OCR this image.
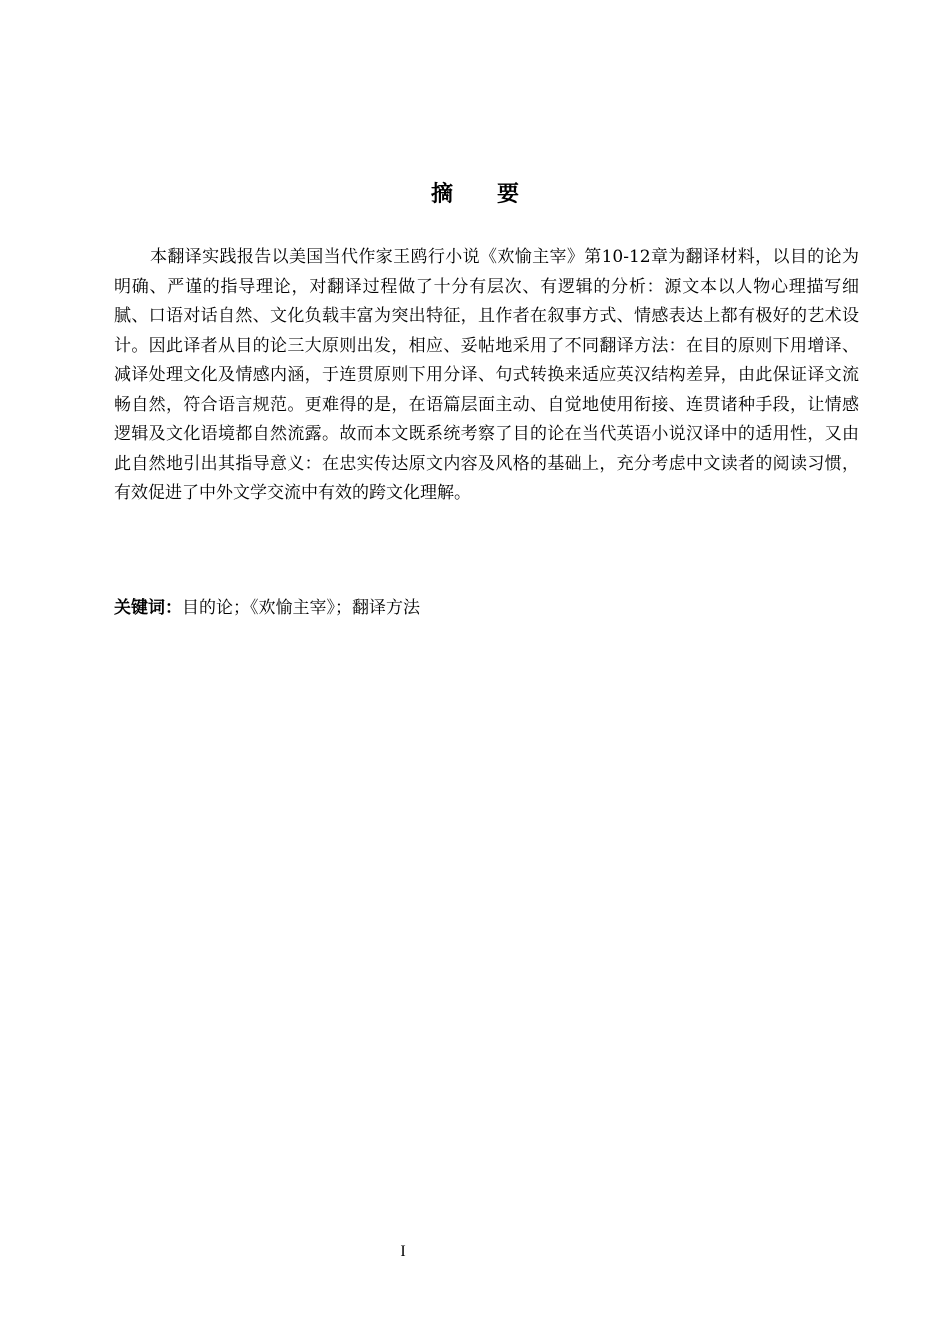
摘要

本翻译实践报告以美国当代作家王鸥行小说《欢愉主宰》第10-12章为翻译材料，以目的论为明确、严谨的指导理论，对翻译过程做了十分有层次、有逻辑的分析：源文本以人物心理描写细腻、口语对话自然、文化负载丰富为突出特征，且作者在叙事方式、情感表达上都有极好的艺术设计。因此译者从目的论三大原则出发，相应、妥帖地采用了不同翻译方法：在目的原则下用增译、减译处理文化及情感内涵，于连贯原则下用分译、句式转换来适应英汉结构差异，由此保证译文流畅自然，符合语言规范。更难得的是，在语篇层面主动、自觉地使用衔接、连贯诸种手段，让情感逻辑及文化语境都自然流露。故而本文既系统考察了目的论在当代英语小说汉译中的适用性，又由此自然地引出其指导意义：在忠实传达原文内容及风格的基础上，充分考虑中文读者的阅读习惯，有效促进了中外文学交流中有效的跨文化理解。

关键词：目的论；《欢愉主宰》；翻译方法
I
